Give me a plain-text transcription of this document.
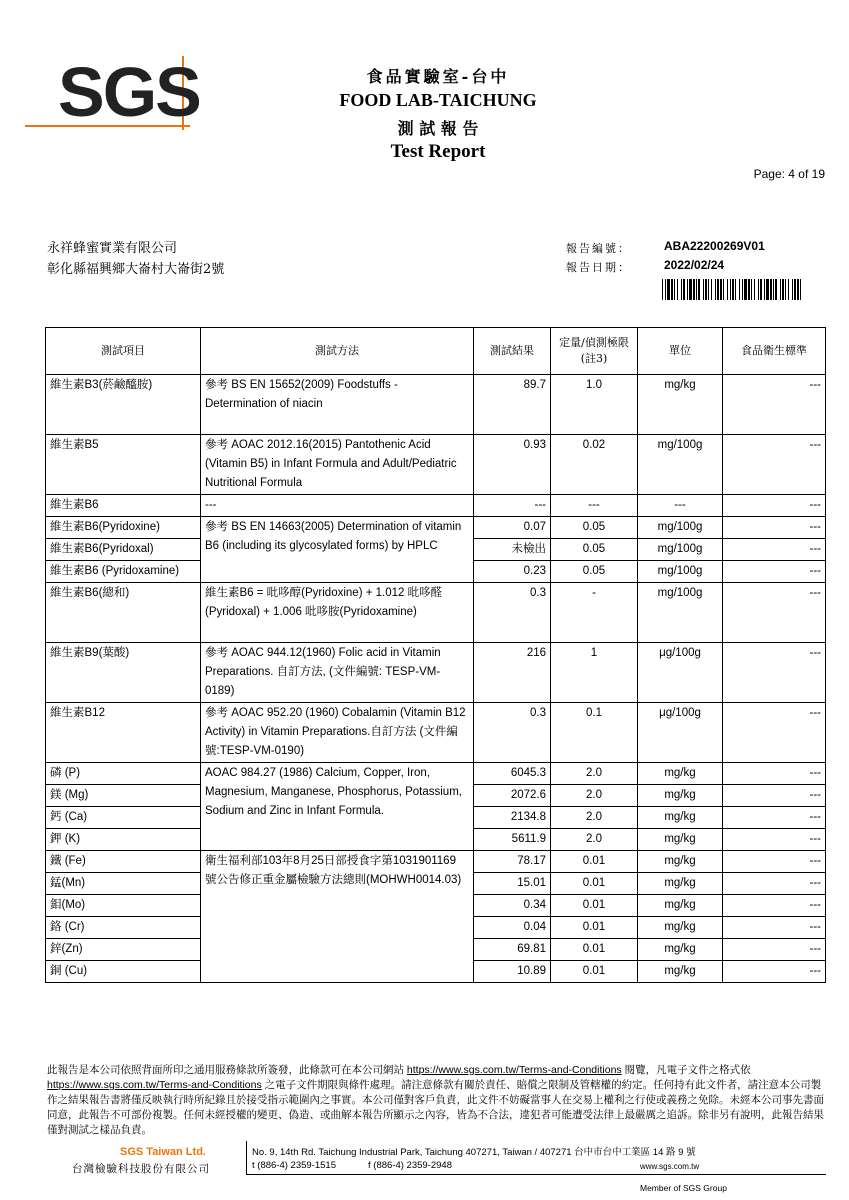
SGS	食品實驗室-台中
FOOD LAB-TAICHUNG
測 試 報 告
Test Report
Page: 4 of 19
永祥蜂蜜實業有限公司
彰化縣福興鄉大崙村大崙街2號
報告編號：	ABA22200269V01
報告日期：	2022/02/24
測試項目	測試方法	測試結果	定量/偵測極限(註3)	單位	食品衛生標準
維生素B3(菸鹼醯胺)	參考 BS EN 15652(2009) Foodstuffs - Determination of niacin	89.7	1.0	mg/kg	---
維生素B5	參考 AOAC 2012.16(2015) Pantothenic Acid (Vitamin B5) in Infant Formula and Adult/Pediatric Nutritional Formula	0.93	0.02	mg/100g	---
維生素B6	---	---	---	---	---
維生素B6(Pyridoxine)	參考 BS EN 14663(2005) Determination of vitamin B6 (including its glycosylated forms) by HPLC	0.07	0.05	mg/100g	---
維生素B6(Pyridoxal)		未檢出	0.05	mg/100g	---
維生素B6 (Pyridoxamine)		0.23	0.05	mg/100g	---
維生素B6(總和)	維生素B6 = 吡哆醇(Pyridoxine) + 1.012 吡哆醛(Pyridoxal) + 1.006 吡哆胺(Pyridoxamine)	0.3	-	mg/100g	---
維生素B9(葉酸)	參考 AOAC 944.12(1960) Folic acid in Vitamin Preparations. 自訂方法, (文件編號: TESP-VM-0189)	216	1	μg/100g	---
維生素B12	參考 AOAC 952.20 (1960) Cobalamin (Vitamin B12 Activity) in Vitamin Preparations.自訂方法 (文件編號:TESP-VM-0190)	0.3	0.1	μg/100g	---
磷 (P)	AOAC 984.27 (1986) Calcium, Copper, Iron, Magnesium, Manganese, Phosphorus, Potassium, Sodium and Zinc in Infant Formula.	6045.3	2.0	mg/kg	---
鎂 (Mg)		2072.6	2.0	mg/kg	---
鈣 (Ca)		2134.8	2.0	mg/kg	---
鉀 (K)		5611.9	2.0	mg/kg	---
鐵 (Fe)	衛生福利部103年8月25日部授食字第1031901169 號公告修正重金屬檢驗方法總則(MOHWH0014.03)	78.17	0.01	mg/kg	---
錳(Mn)		15.01	0.01	mg/kg	---
鉬(Mo)		0.34	0.01	mg/kg	---
鉻 (Cr)		0.04	0.01	mg/kg	---
鋅(Zn)		69.81	0.01	mg/kg	---
銅 (Cu)		10.89	0.01	mg/kg	---
此報告是本公司依照背面所印之通用服務條款所簽發，此條款可在本公司網站 https://www.sgs.com.tw/Terms-and-Conditions 閱覽，凡電子文件之格式依 https://www.sgs.com.tw/Terms-and-Conditions 之電子文件期限與條件處理。請注意條款有關於責任、賠償之限制及管轄權的約定。任何持有此文件者，請注意本公司製作之結果報告書將僅反映執行時所紀錄且於接受指示範圍內之事實。本公司僅對客戶負責，此文件不妨礙當事人在交易上權利之行使或義務之免除。未經本公司事先書面同意，此報告不可部份複製。任何未經授權的變更、偽造、或曲解本報告所顯示之內容，皆為不合法，違犯者可能遭受法律上最嚴厲之追訴。除非另有說明，此報告結果僅對測試之樣品負責。
SGS Taiwan Ltd.
台灣檢驗科技股份有限公司
No. 9, 14th Rd. Taichung Industrial Park, Taichung 407271, Taiwan / 407271 台中市台中工業區 14 路 9 號
t (886-4) 2359-1515	f (886-4) 2359-2948	www.sgs.com.tw
Member of SGS Group
